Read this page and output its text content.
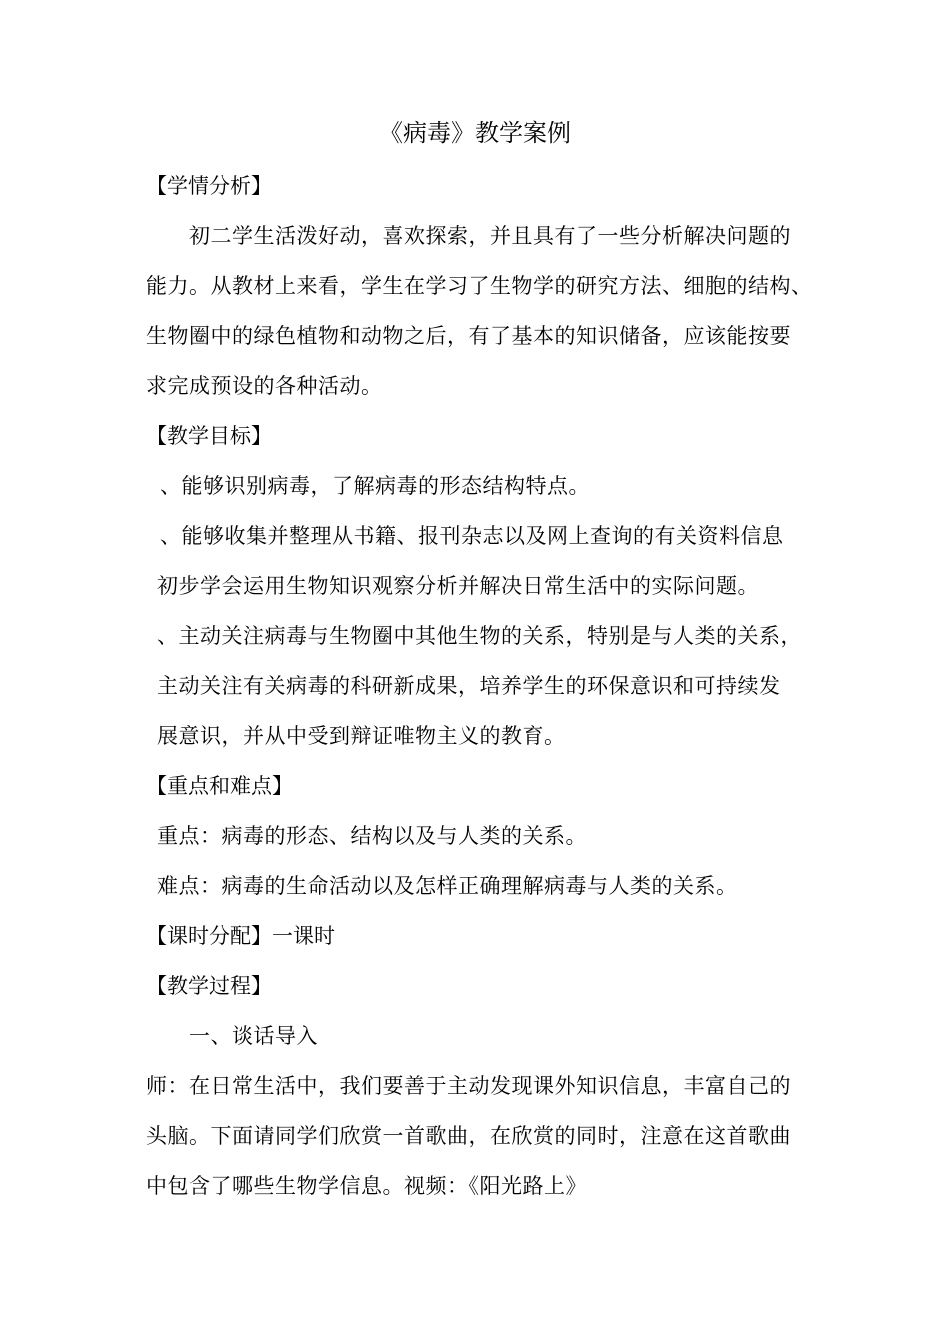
《病毒》教学案例
【学情分析】
初二学生活泼好动，喜欢探索，并且具有了一些分析解决问题的
能力。从教材上来看，学生在学习了生物学的研究方法、细胞的结构、
生物圈中的绿色植物和动物之后，有了基本的知识储备，应该能按要
求完成预设的各种活动。
【教学目标】
、能够识别病毒，了解病毒的形态结构特点。
、能够收集并整理从书籍、报刊杂志以及网上查询的有关资料信息
初步学会运用生物知识观察分析并解决日常生活中的实际问题。
、主动关注病毒与生物圈中其他生物的关系，特别是与人类的关系，
主动关注有关病毒的科研新成果，培养学生的环保意识和可持续发
展意识，并从中受到辩证唯物主义的教育。
【重点和难点】
重点：病毒的形态、结构以及与人类的关系。
难点：病毒的生命活动以及怎样正确理解病毒与人类的关系。
【课时分配】一课时
【教学过程】
一、谈话导入
师：在日常生活中，我们要善于主动发现课外知识信息，丰富自己的
头脑。下面请同学们欣赏一首歌曲，在欣赏的同时，注意在这首歌曲
中包含了哪些生物学信息。视频：《阳光路上》
